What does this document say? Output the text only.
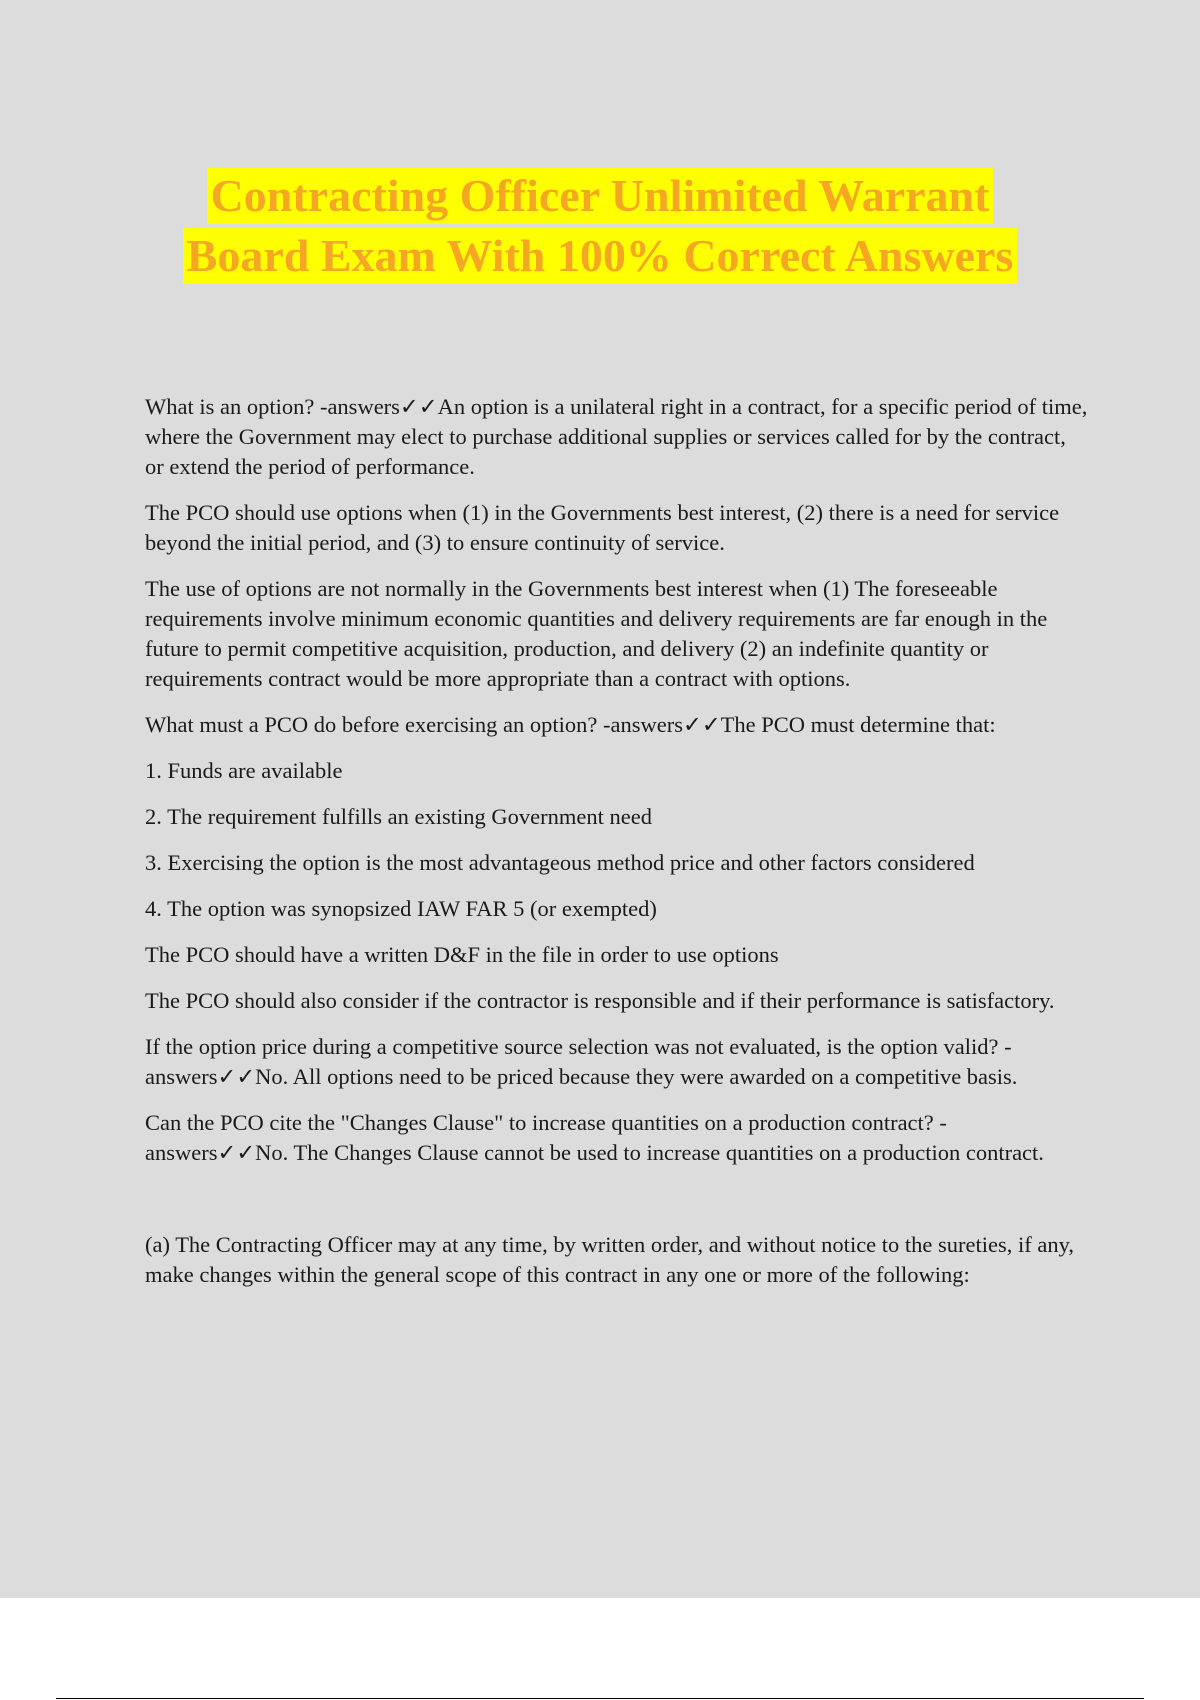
Contracting Officer Unlimited Warrant
Board Exam With 100% Correct Answers

What is an option? -answers✓✓An option is a unilateral right in a contract, for a specific period of time, where the Government may elect to purchase additional supplies or services called for by the contract, or extend the period of performance.

The PCO should use options when (1) in the Governments best interest, (2) there is a need for service beyond the initial period, and (3) to ensure continuity of service.

The use of options are not normally in the Governments best interest when (1) The foreseeable requirements involve minimum economic quantities and delivery requirements are far enough in the future to permit competitive acquisition, production, and delivery (2) an indefinite quantity or requirements contract would be more appropriate than a contract with options.

What must a PCO do before exercising an option? -answers✓✓The PCO must determine that:

1. Funds are available

2. The requirement fulfills an existing Government need

3. Exercising the option is the most advantageous method price and other factors considered

4. The option was synopsized IAW FAR 5 (or exempted)

The PCO should have a written D&F in the file in order to use options

The PCO should also consider if the contractor is responsible and if their performance is satisfactory.

If the option price during a competitive source selection was not evaluated, is the option valid? -answers✓✓No. All options need to be priced because they were awarded on a competitive basis.

Can the PCO cite the "Changes Clause" to increase quantities on a production contract? -answers✓✓No. The Changes Clause cannot be used to increase quantities on a production contract.

(a) The Contracting Officer may at any time, by written order, and without notice to the sureties, if any, make changes within the general scope of this contract in any one or more of the following:
